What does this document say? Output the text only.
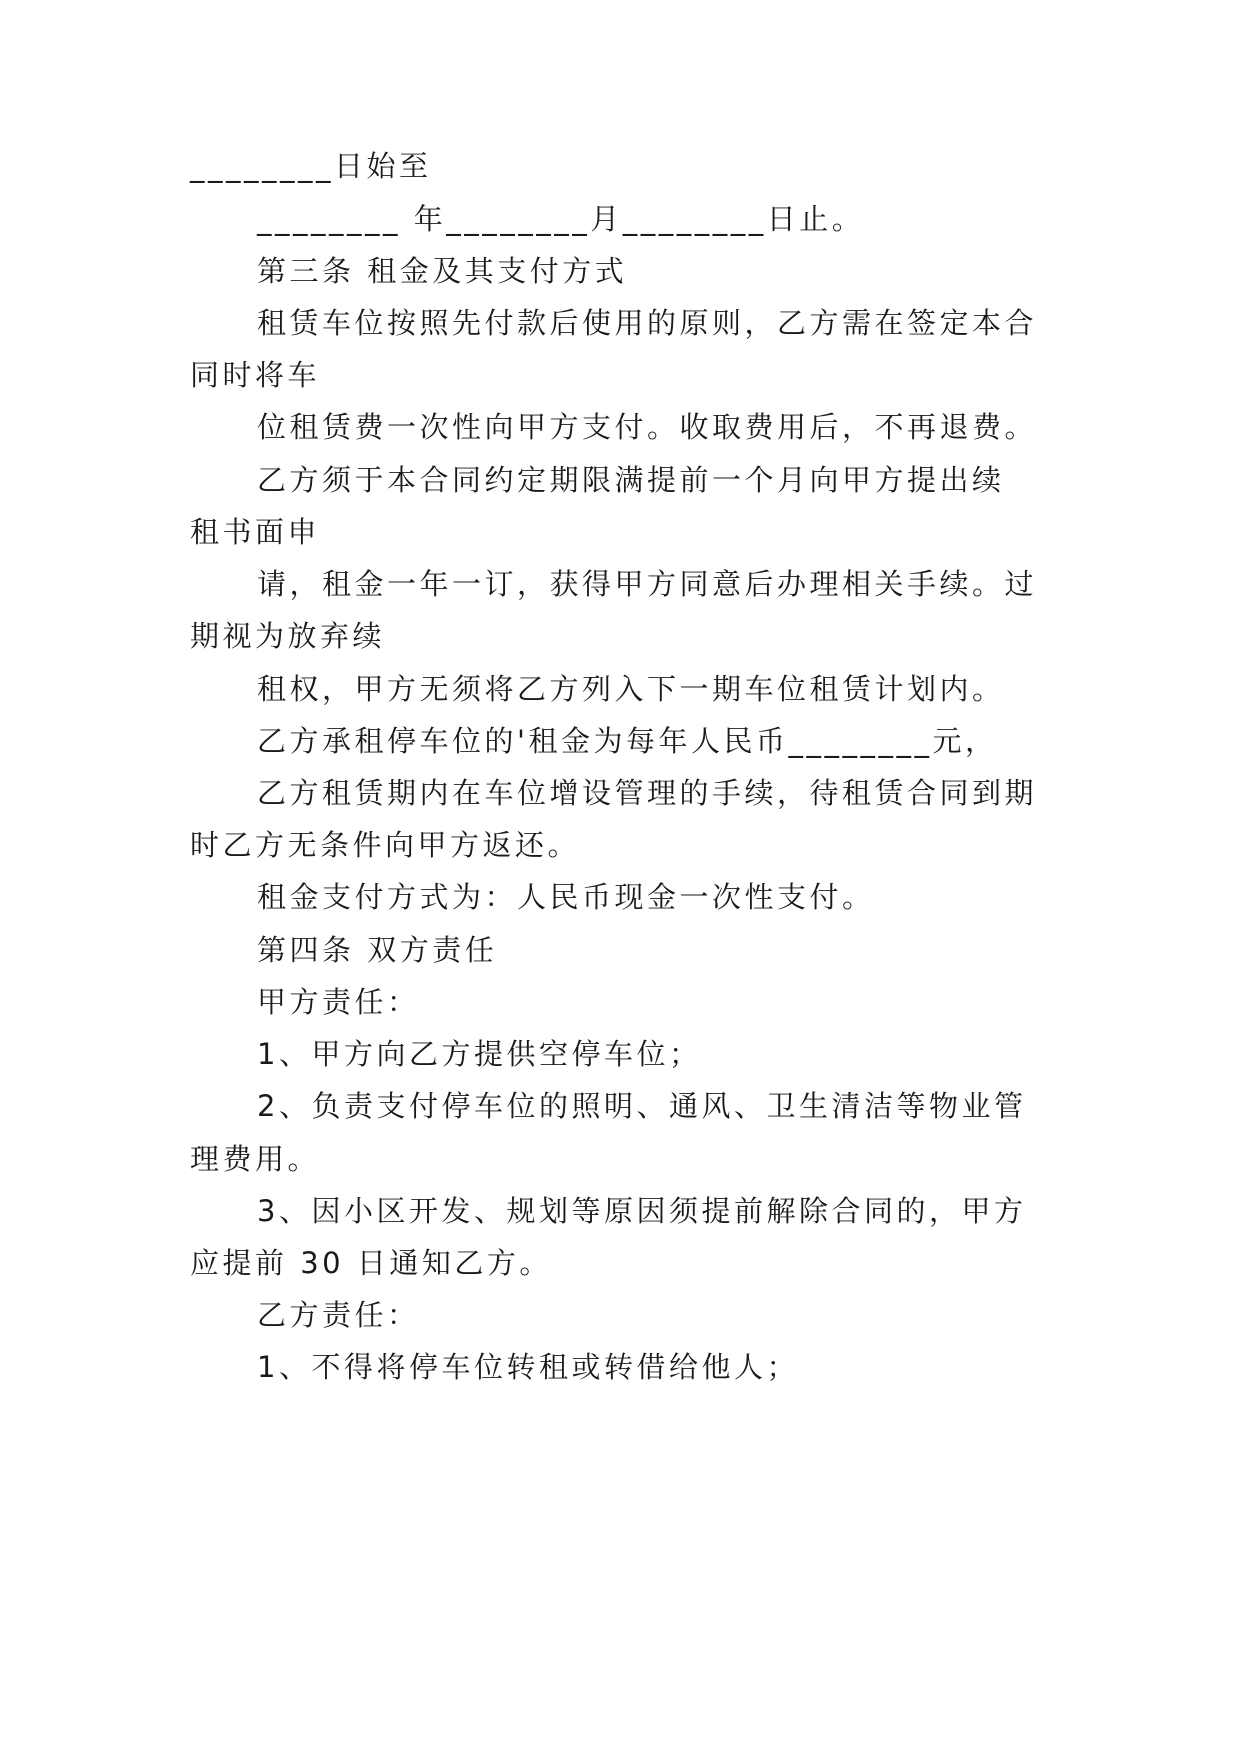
________日始至

________ 年________月________日止。

第三条 租金及其支付方式

租赁车位按照先付款后使用的原则，乙方需在签定本合

同时将车

位租赁费一次性向甲方支付。收取费用后，不再退费。

乙方须于本合同约定期限满提前一个月向甲方提出续

租书面申

请，租金一年一订，获得甲方同意后办理相关手续。过

期视为放弃续

租权，甲方无须将乙方列入下一期车位租赁计划内。

乙方承租停车位的'租金为每年人民币________元，

乙方租赁期内在车位增设管理的手续，待租赁合同到期

时乙方无条件向甲方返还。

租金支付方式为：人民币现金一次性支付。

第四条 双方责任

甲方责任：

1、甲方向乙方提供空停车位；

2、负责支付停车位的照明、通风、卫生清洁等物业管

理费用。

3、因小区开发、规划等原因须提前解除合同的，甲方

应提前 30 日通知乙方。

乙方责任：

1、不得将停车位转租或转借给他人；
